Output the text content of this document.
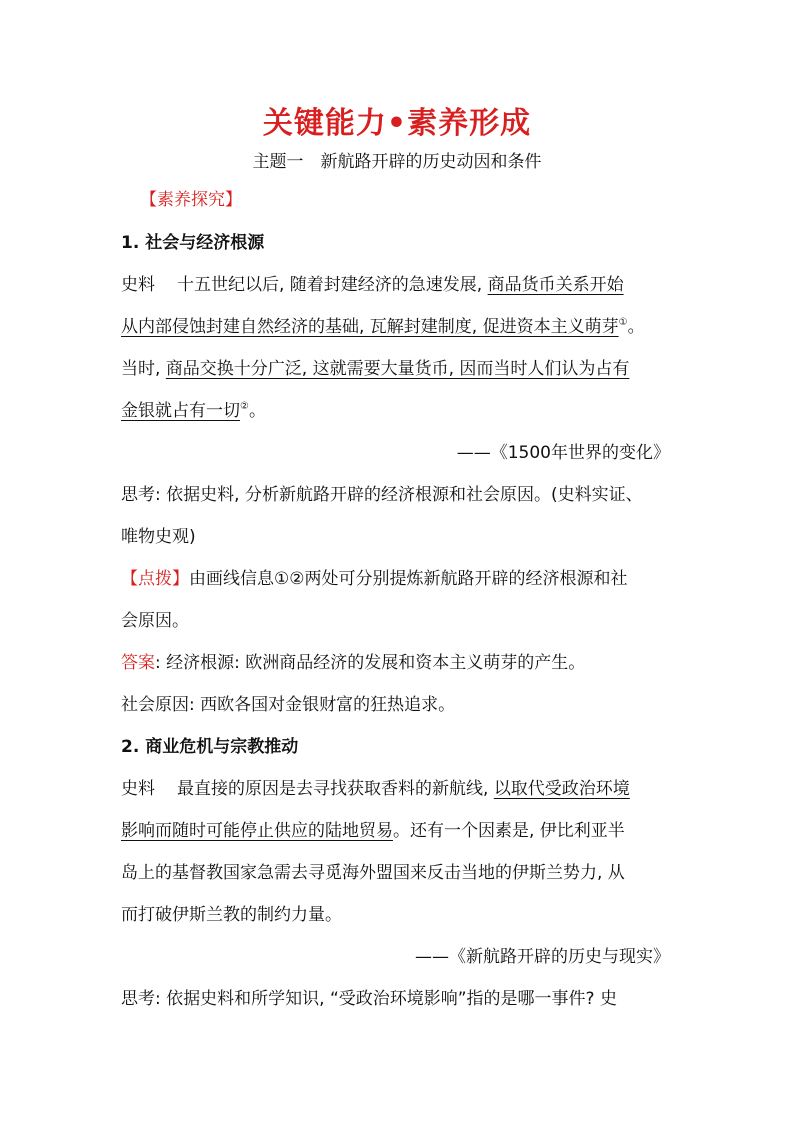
关键能力•素养形成
主题一　新航路开辟的历史动因和条件
【素养探究】
1. 社会与经济根源
史料 十五世纪以后, 随着封建经济的急速发展, 商品货币关系开始
从内部侵蚀封建自然经济的基础, 瓦解封建制度, 促进资本主义萌芽①。
当时, 商品交换十分广泛, 这就需要大量货币, 因而当时人们认为占有
金银就占有一切②。
——《1500年世界的变化》
思考: 依据史料, 分析新航路开辟的经济根源和社会原因。(史料实证、
唯物史观)
【点拨】由画线信息①②两处可分别提炼新航路开辟的经济根源和社
会原因。
答案: 经济根源: 欧洲商品经济的发展和资本主义萌芽的产生。
社会原因: 西欧各国对金银财富的狂热追求。
2. 商业危机与宗教推动
史料 最直接的原因是去寻找获取香料的新航线, 以取代受政治环境
影响而随时可能停止供应的陆地贸易。还有一个因素是, 伊比利亚半
岛上的基督教国家急需去寻觅海外盟国来反击当地的伊斯兰势力, 从
而打破伊斯兰教的制约力量。
——《新航路开辟的历史与现实》
思考: 依据史料和所学知识, “受政治环境影响”指的是哪一事件? 史
